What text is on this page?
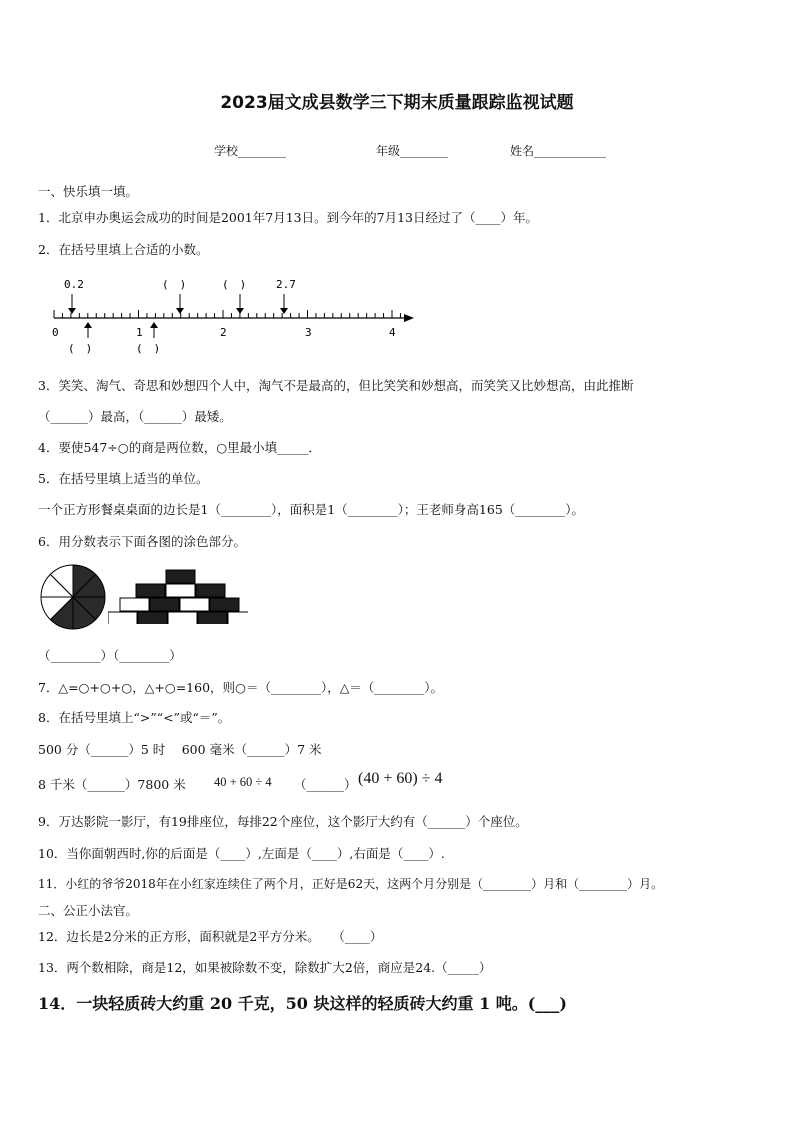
2023届文成县数学三下期末质量跟踪监视试题
学校________	年级________	姓名____________
一、快乐填一填。
1．北京申办奥运会成功的时间是2001年7月13日。到今年的7月13日经过了（____）年。
2．在括号里填上合适的小数。
0.2	(　)	(　)	2.7
0	1	2	3	4
(　)	(　)
3．笑笑、淘气、奇思和妙想四个人中，淘气不是最高的，但比笑笑和妙想高，而笑笑又比妙想高，由此推断
（______）最高，（______）最矮。
4．要使547÷○的商是两位数，○里最小填_____．
5．在括号里填上适当的单位。
一个正方形餐桌桌面的边长是1（________），面积是1（________）；王老师身高165（________）。
6．用分数表示下面各图的涂色部分。
（________）（________）
7．△=○+○+○，△+○=160，则○＝（________），△＝（________）。
8．在括号里填上“>”“<”或“＝”。
500 分（______）5 时　 600 毫米（______）7 米
8 千米（______）7800 米 40 + 60 ÷ 4 （______） (40 + 60) ÷ 4
9．万达影院一影厅，有19排座位，每排22个座位，这个影厅大约有（______）个座位。
10．当你面朝西时,你的后面是（____）,左面是（____）,右面是（____）.
11．小红的爷爷2018年在小红家连续住了两个月，正好是62天，这两个月分别是（________）月和（________）月。
二、公正小法官。
12．边长是2分米的正方形，面积就是2平方分米。　　（____）
13．两个数相除，商是12，如果被除数不变，除数扩大2倍，商应是24.（_____）
14．一块轻质砖大约重 20 千克，50 块这样的轻质砖大约重 1 吨。(___)
